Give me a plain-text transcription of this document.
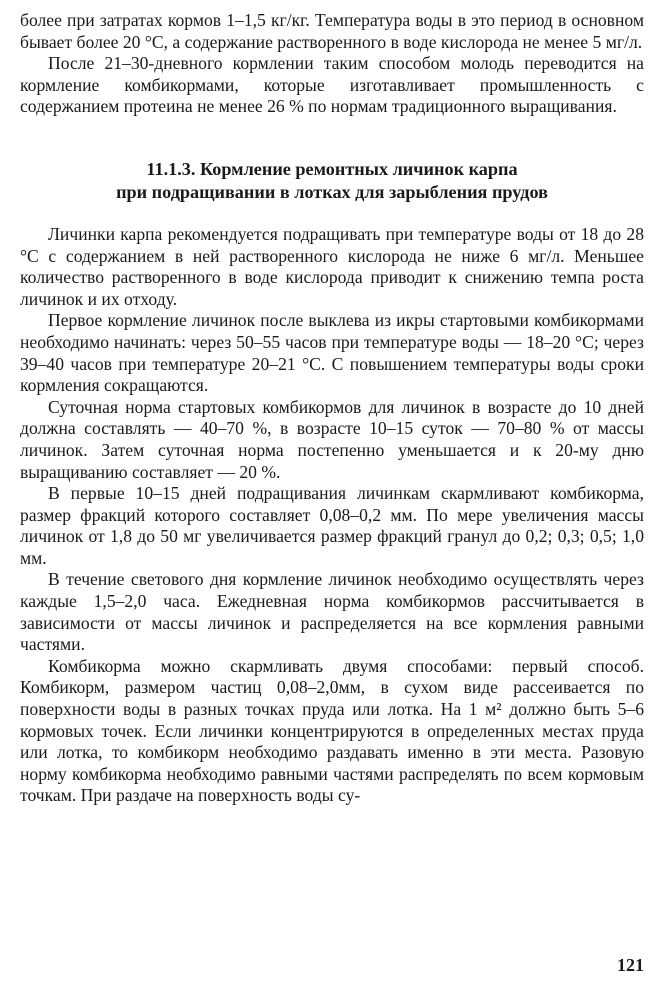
более при затратах кормов 1–1,5 кг/кг. Температура воды в это период в основном бывает более 20 °С, а содержание растворенного в воде кислорода не менее 5 мг/л.

После 21–30-дневного кормлении таким способом молодь переводится на кормление комбикормами, которые изготавливает промышленность с содержанием протеина не менее 26 % по нормам традиционного выращивания.

11.1.3. Кормление ремонтных личинок карпа
при подращивании в лотках для зарыбления прудов

Личинки карпа рекомендуется подращивать при температуре воды от 18 до 28 °С с содержанием в ней растворенного кислорода не ниже 6 мг/л. Меньшее количество растворенного в воде кислорода приводит к снижению темпа роста личинок и их отходу.

Первое кормление личинок после выклева из икры стартовыми комбикормами необходимо начинать: через 50–55 часов при температуре воды — 18–20 °С; через 39–40 часов при температуре 20–21 °С. С повышением температуры воды сроки кормления сокращаются.

Суточная норма стартовых комбикормов для личинок в возрасте до 10 дней должна составлять — 40–70 %, в возрасте 10–15 суток — 70–80 % от массы личинок. Затем суточная норма постепенно уменьшается и к 20-му дню выращиванию составляет — 20 %.

В первые 10–15 дней подращивания личинкам скармливают комбикорма, размер фракций которого составляет 0,08–0,2 мм. По мере увеличения массы личинок от 1,8 до 50 мг увеличивается размер фракций гранул до 0,2; 0,3; 0,5; 1,0 мм.

В течение светового дня кормление личинок необходимо осуществлять через каждые 1,5–2,0 часа. Ежедневная норма комбикормов рассчитывается в зависимости от массы личинок и распределяется на все кормления равными частями.

Комбикорма можно скармливать двумя способами: первый способ. Комбикорм, размером частиц 0,08–2,0мм, в сухом виде рассеивается по поверхности воды в разных точках пруда или лотка. На 1 м² должно быть 5–6 кормовых точек. Если личинки концентрируются в определенных местах пруда или лотка, то комбикорм необходимо раздавать именно в эти места. Разовую норму комбикорма необходимо равными частями распределять по всем кормовым точкам. При раздаче на поверхность воды су-

121
